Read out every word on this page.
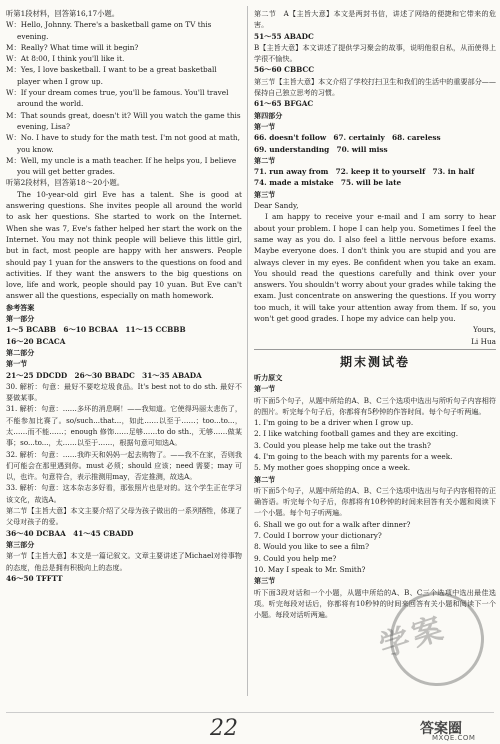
听第1段材料，回答第16,17小题。

W：Hello, Johnny. There's a basketball game on TV this evening.

M：Really? What time will it begin?

W：At 8:00, I think you'll like it.

M：Yes, I love basketball. I want to be a great basketball player when I grow up.

W：If your dream comes true, you'll be famous. You'll travel around the world.

M：That sounds great, doesn't it? Will you watch the game this evening, Lisa?

W：No. I have to study for the math test. I'm not good at math, you know.

M：Well, my uncle is a math teacher. If he helps you, I believe you will get better grades.

听第2段材料，回答第18～20小题。

The 10-year-old girl Eve has a talent. She is good at answering questions. She invites people all around the world to ask her questions. She started to work on the Internet. When she was 7, Eve's father helped her start the work on the Internet. You may not think people will believe this little girl, but in fact, most people are happy with her answers. People should pay 1 yuan for the answers to the questions on food and activities. If they want the answers to the big questions on love, life and work, people should pay 10 yuan. But Eve can't answer all the questions, especially on math homework.

参考答案

第一部分

1～5 BCABB　6～10 BCBAA　11～15 CCBBB

16～20 BCACA

第二部分

第一节

21～25 DDCDD　26～30 BBADC　31～35 ABADA

30. 解析：句意：最好不要吃垃圾食品。It's best not to do sth. 最好不要做某事。

31. 解析：句意：……多坏的消息啊！——我知道。它使得玛丽太悲伤了，不能参加比赛了。so/such...that...，如此……以至于……；too...to...，太……而不能……；enough 修饰……足够……to do sth.，无够……做某事；so...to...，太……以至于……，根据句意可知选A。

32. 解析：句意：……我昨天和妈妈一起去购物了。——我不在家，否则我们可能会在那里遇到你。must 必须；should 应该；need 需要；may 可以，也许。句意符合，表示推测用may，否定推测，故选A。

33. 解析：句意：这本杂志多好看，那张照片也是对的。这个学生正在学习该文化，故选A。

第二节【主旨大意】本文主要介绍了父母为孩子做出的一系列牺牲，体现了父母对孩子的爱。

36～40 DCBAA　41～45 CBADD

第三部分

第一节【主旨大意】本文是一篇记叙文。文章主要讲述了Michael对待事物的态度，他总是拥有积极向上的态度。

46～50 TFFTT

第二节　A【主旨大意】本文是两封书信，讲述了网络的便捷和它带来的危害。

51～55 ABADC

B【主旨大意】本文讲述了提供学习聚会的故事，说明他很自私，从而使得上学很不愉快。

56～60 CBBCC

第三节【主旨大意】本文介绍了学校打扫卫生和我们的生活中的重要部分——保持自己独立思考的习惯。

61～65 BFGAC

第四部分

第一节

66. doesn't follow　67. certainly　68. careless

69. understanding　70. will miss

第二节

71. run away from　72. keep it to yourself　73. in half

74. made a mistake　75. will be late

第三节

Dear Sandy,

I am happy to receive your e-mail and I am sorry to hear about your problem. I hope I can help you. Sometimes I feel the same way as you do. I also feel a little nervous before exams. Maybe everyone does. I don't think you are stupid and you are always clever in my eyes. Be confident when you take an exam. You should read the questions carefully and think over your answers. You shouldn't worry about your grades while taking the exam. Just concentrate on answering the questions. If you worry too much, it will take your attention away from them. If so, you won't get good grades. I hope my advice can help you.

Yours,

Li Hua

期末测试卷

听力原文

第一节

听下面5个句子，从题中所给的A、B、C三个选项中选出与所听句子内容相符的图片。听完每个句子后，你都将有5秒钟的作答时间。每个句子听两遍。

1. I'm going to be a driver when I grow up.

2. I like watching football games and they are exciting.

3. Could you please help me take out the trash?

4. I'm going to the beach with my parents for a week.

5. My mother goes shopping once a week.

第二节

听下面5个句子，从题中所给的A、B、C三个选项中选出与句子内容相符的正确答语。听完每个句子后，你都将有10秒钟的时间来回答有关小题和阅读下一个小题。每个句子听两遍。

6. Shall we go out for a walk after dinner?

7. Could I borrow your dictionary?

8. Would you like to see a film?

9. Could you help me?

10. May I speak to Mr. Smith?

第三节

听下面3段对话和一个小题，从题中所给的A、B、C三个选项中选出最佳选项。听完每段对话后，你都将有10秒钟的时间来回答有关小题和阅读下一个小题。每段对话听两遍。	学案
22	答案圈
MXQE.COM
